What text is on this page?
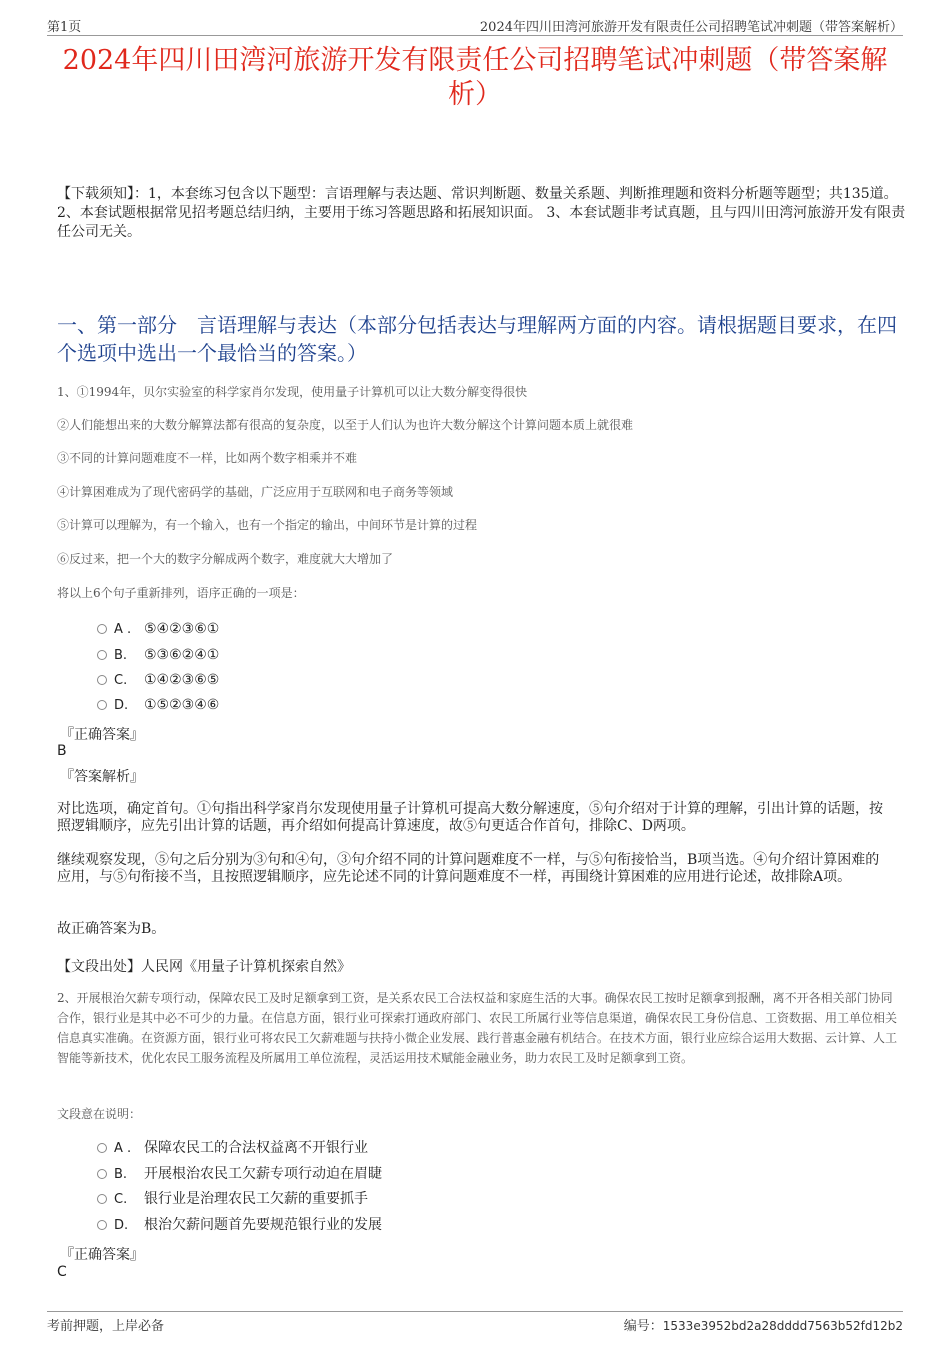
第1页	2024年四川田湾河旅游开发有限责任公司招聘笔试冲刺题（带答案解析）
2024年四川田湾河旅游开发有限责任公司招聘笔试冲刺题（带答案解析）
【下载须知】：1，本套练习包含以下题型：言语理解与表达题、常识判断题、数量关系题、判断推理题和资料分析题等题型；共135道。 2、本套试题根据常见招考题总结归纳，主要用于练习答题思路和拓展知识面。 3、本套试题非考试真题，且与四川田湾河旅游开发有限责任公司无关。
一、第一部分　言语理解与表达（本部分包括表达与理解两方面的内容。请根据题目要求，在四个选项中选出一个最恰当的答案。）
1、①1994年，贝尔实验室的科学家肖尔发现，使用量子计算机可以让大数分解变得很快
②人们能想出来的大数分解算法都有很高的复杂度，以至于人们认为也许大数分解这个计算问题本质上就很难
③不同的计算问题难度不一样，比如两个数字相乘并不难
④计算困难成为了现代密码学的基础，广泛应用于互联网和电子商务等领域
⑤计算可以理解为，有一个输入，也有一个指定的输出，中间环节是计算的过程
⑥反过来，把一个大的数字分解成两个数字，难度就大大增加了
将以上6个句子重新排列，语序正确的一项是：
A . ⑤④②③⑥①
B. ⑤③⑥②④①
C. ①④②③⑥⑤
D. ①⑤②③④⑥
『正确答案』
B
『答案解析』
对比选项，确定首句。①句指出科学家肖尔发现使用量子计算机可提高大数分解速度，⑤句介绍对于计算的理解，引出计算的话题，按照逻辑顺序，应先引出计算的话题，再介绍如何提高计算速度，故⑤句更适合作首句，排除C、D两项。
继续观察发现，⑤句之后分别为③句和④句，③句介绍不同的计算问题难度不一样，与⑤句衔接恰当，B项当选。④句介绍计算困难的应用，与⑤句衔接不当，且按照逻辑顺序，应先论述不同的计算问题难度不一样，再围绕计算困难的应用进行论述，故排除A项。
故正确答案为B。
【文段出处】人民网《用量子计算机探索自然》
2、开展根治欠薪专项行动，保障农民工及时足额拿到工资，是关系农民工合法权益和家庭生活的大事。确保农民工按时足额拿到报酬，离不开各相关部门协同合作，银行业是其中必不可少的力量。在信息方面，银行业可探索打通政府部门、农民工所属行业等信息渠道，确保农民工身份信息、工资数据、用工单位相关信息真实准确。在资源方面，银行业可将农民工欠薪难题与扶持小微企业发展、践行普惠金融有机结合。在技术方面，银行业应综合运用大数据、云计算、人工智能等新技术，优化农民工服务流程及所属用工单位流程，灵活运用技术赋能金融业务，助力农民工及时足额拿到工资。
文段意在说明：
A . 保障农民工的合法权益离不开银行业
B. 开展根治农民工欠薪专项行动迫在眉睫
C. 银行业是治理农民工欠薪的重要抓手
D. 根治欠薪问题首先要规范银行业的发展
『正确答案』
C
考前押题，上岸必备	编号：1533e3952bd2a28dddd7563b52fd12b2
